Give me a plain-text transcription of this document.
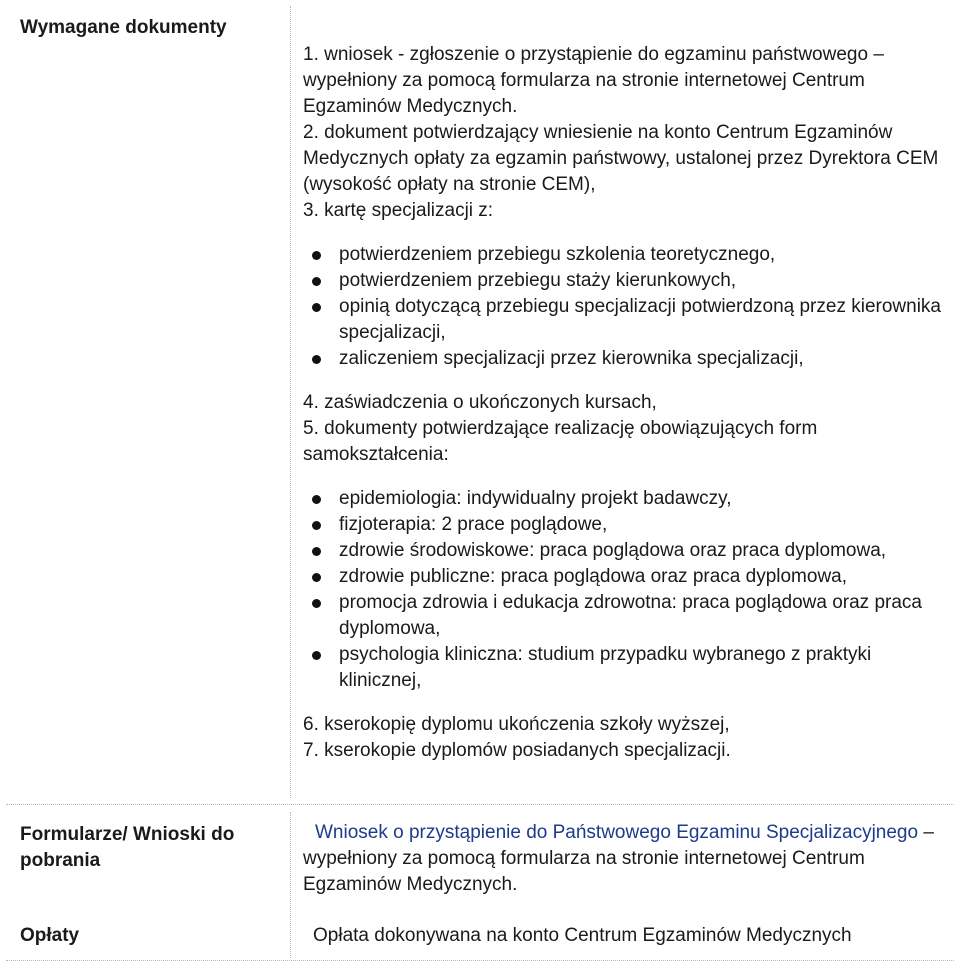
Wymagane dokumenty

1. wniosek - zgłoszenie o przystąpienie do egzaminu państwowego – wypełniony za pomocą formularza na stronie internetowej Centrum Egzaminów Medycznych.

2. dokument potwierdzający wniesienie na konto Centrum Egzaminów Medycznych opłaty za egzamin państwowy, ustalonej przez Dyrektora CEM (wysokość opłaty na stronie CEM),

3. kartę specjalizacji z:

potwierdzeniem przebiegu szkolenia teoretycznego,
potwierdzeniem przebiegu staży kierunkowych,
opinią dotyczącą przebiegu specjalizacji potwierdzoną przez kierownika specjalizacji,
zaliczeniem specjalizacji przez kierownika specjalizacji,

4. zaświadczenia o ukończonych kursach,

5. dokumenty potwierdzające realizację obowiązujących form samokształcenia:

epidemiologia: indywidualny projekt badawczy,
fizjoterapia: 2 prace poglądowe,
zdrowie środowiskowe: praca poglądowa oraz praca dyplomowa,
zdrowie publiczne: praca poglądowa oraz praca dyplomowa,
promocja zdrowia i edukacja zdrowotna: praca poglądowa oraz praca dyplomowa,
psychologia kliniczna: studium przypadku wybranego z praktyki klinicznej,

6. kserokopię dyplomu ukończenia szkoły wyższej,

7. kserokopie dyplomów posiadanych specjalizacji.

Formularze/ Wnioski do pobrania

Wniosek o przystąpienie do Państwowego Egzaminu Specjalizacyjnego – wypełniony za pomocą formularza na stronie internetowej Centrum Egzaminów Medycznych.

Opłaty	Opłata dokonywana na konto Centrum Egzaminów Medycznych
